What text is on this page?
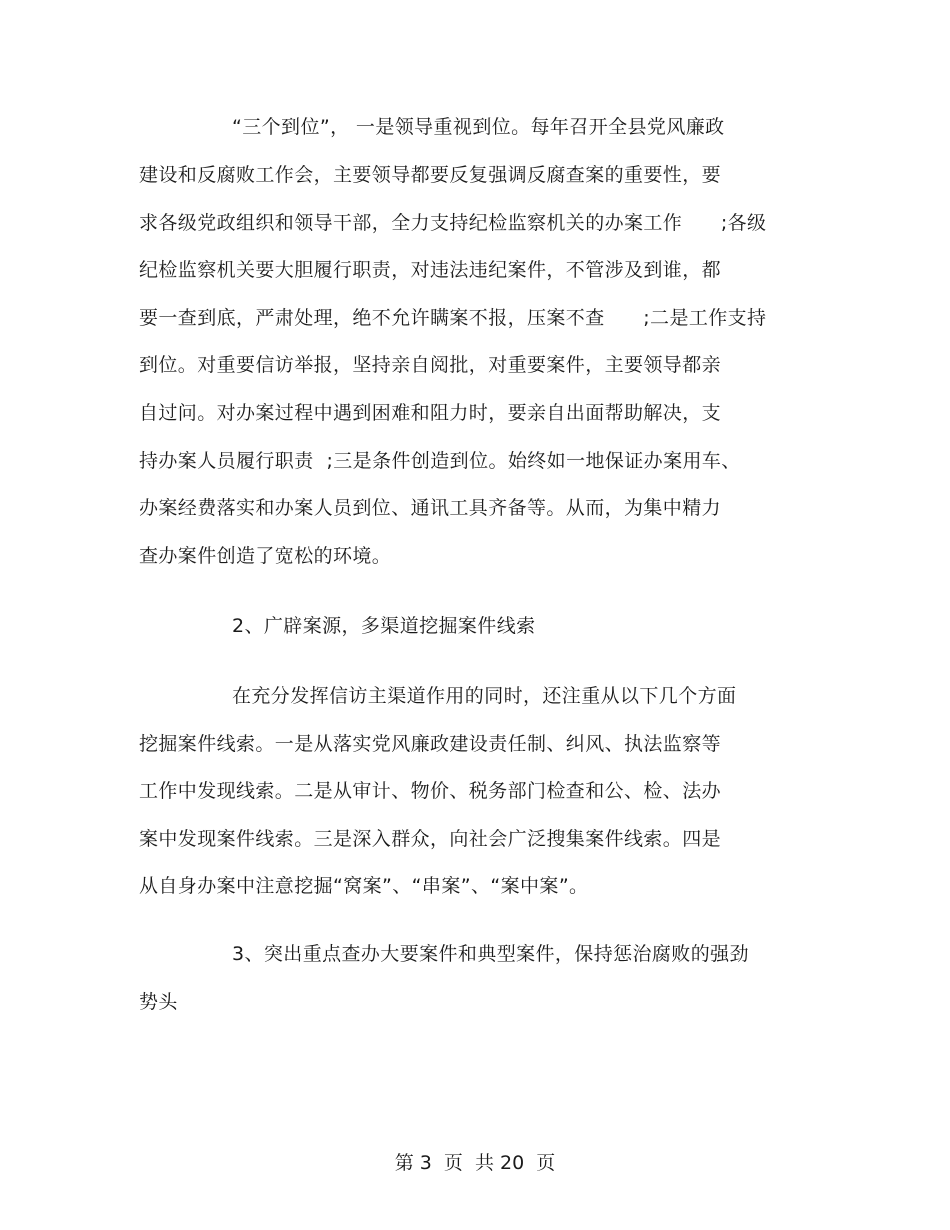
“三个到位”， 一是领导重视到位。每年召开全县党风廉政
建设和反腐败工作会，主要领导都要反复强调反腐查案的重要性，要
求各级党政组织和领导干部，全力支持纪检监察机关的办案工作      ;各级
纪检监察机关要大胆履行职责，对违法违纪案件，不管涉及到谁，都
要一查到底，严肃处理，绝不允许瞒案不报，压案不查      ;二是工作支持
到位。对重要信访举报，坚持亲自阅批，对重要案件，主要领导都亲
自过问。对办案过程中遇到困难和阻力时，要亲自出面帮助解决，支
持办案人员履行职责  ;三是条件创造到位。始终如一地保证办案用车、
办案经费落实和办案人员到位、通讯工具齐备等。从而，为集中精力
查办案件创造了宽松的环境。
2、广辟案源，多渠道挖掘案件线索
在充分发挥信访主渠道作用的同时，还注重从以下几个方面
挖掘案件线索。一是从落实党风廉政建设责任制、纠风、执法监察等
工作中发现线索。二是从审计、物价、税务部门检查和公、检、法办
案中发现案件线索。三是深入群众，向社会广泛搜集案件线索。四是
从自身办案中注意挖掘“窝案”、“串案”、“案中案”。
3、突出重点查办大要案件和典型案件，保持惩治腐败的强劲
势头
第 3  页  共 20  页
